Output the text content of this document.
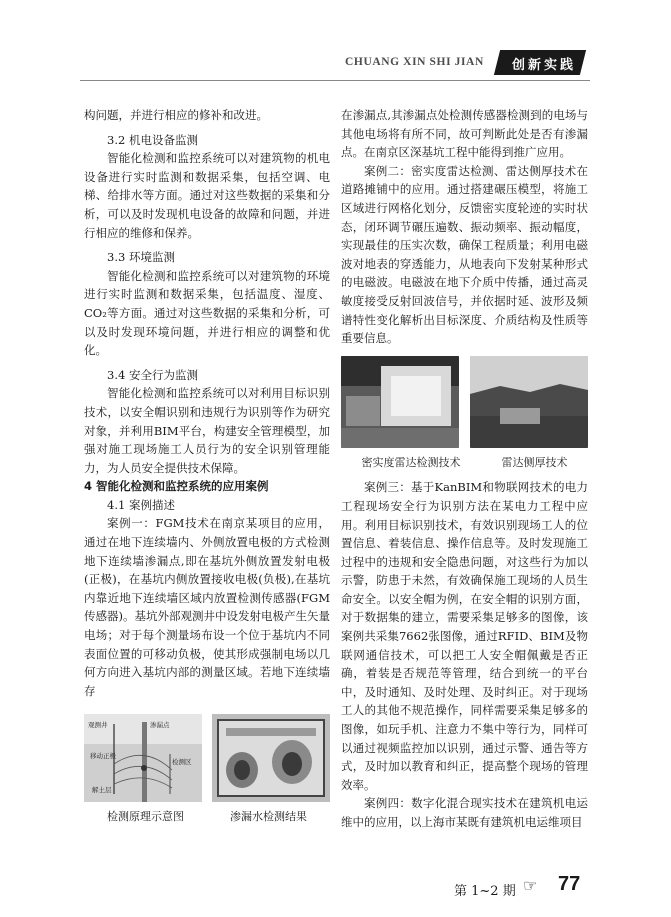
CHUANG XIN SHI JIAN 创新实践

构问题，并进行相应的修补和改进。

3.2 机电设备监测

智能化检测和监控系统可以对建筑物的机电设备进行实时监测和数据采集，包括空调、电梯、给排水等方面。通过对这些数据的采集和分析，可以及时发现机电设备的故障和问题，并进行相应的维修和保养。

3.3 环境监测

智能化检测和监控系统可以对建筑物的环境进行实时监测和数据采集，包括温度、湿度、CO₂等方面。通过对这些数据的采集和分析，可以及时发现环境问题，并进行相应的调整和优化。

3.4 安全行为监测

智能化检测和监控系统可以对利用目标识别技术，以安全帽识别和违规行为识别等作为研究对象，并利用BIM平台，构建安全管理模型，加强对施工现场施工人员行为的安全识别管理能力，为人员安全提供技术保障。

4 智能化检测和监控系统的应用案例

4.1 案例描述

案例一：FGM技术在南京某项目的应用，通过在地下连续墙内、外侧放置电极的方式检测地下连续墙渗漏点,即在基坑外侧放置发射电极(正极)，在基坑内侧放置接收电极(负极),在基坑内靠近地下连续墙区域内放置检测传感器(FGM传感器)。基坑外部观测井中设发射电极产生矢量电场；对于每个测量场布设一个位于基坑内不同表面位置的可移动负极，使其形成强制电场以几何方向进入基坑内部的测量区域。若地下连续墙存

观测井	渗漏点
移动正极
检测区
解土层
检测原理示意图	渗漏水检测结果

在渗漏点,其渗漏点处检测传感器检测到的电场与其他电场将有所不同，故可判断此处是否有渗漏点。在南京区深基坑工程中能得到推广应用。

案例二：密实度雷达检测、雷达侧厚技术在道路摊铺中的应用。通过搭建碾压模型，将施工区域进行网格化划分，反馈密实度轮迹的实时状态，闭环调节碾压遍数、振动频率、振动幅度，实现最佳的压实次数，确保工程质量；利用电磁波对地表的穿透能力，从地表向下发射某种形式的电磁波。电磁波在地下介质中传播，通过高灵敏度接受反射回波信号，并依据时延、波形及频谱特性变化解析出目标深度、介质结构及性质等重要信息。

密实度雷达检测技术	雷达侧厚技术

案例三：基于KanBIM和物联网技术的电力工程现场安全行为识别方法在某电力工程中应用。利用目标识别技术，有效识别现场工人的位置信息、着装信息、操作信息等。及时发现施工过程中的违规和安全隐患问题，对这些行为加以示警，防患于未然，有效确保施工现场的人员生命安全。以安全帽为例，在安全帽的识别方面，对于数据集的建立，需要采集足够多的图像，该案例共采集7662张图像，通过RFID、BIM及物联网通信技术，可以把工人安全帽佩戴是否正确，着装是否规范等管理，结合到统一的平台中，及时通知、及时处理、及时纠正。对于现场工人的其他不规范操作，同样需要采集足够多的图像，如玩手机、注意力不集中等行为，同样可以通过视频监控加以识别，通过示警、通告等方式，及时加以教育和纠正，提高整个现场的管理效率。

案例四：数字化混合现实技术在建筑机电运维中的应用，以上海市某既有建筑机电运维项目

第 1~2 期 ☞ 77
